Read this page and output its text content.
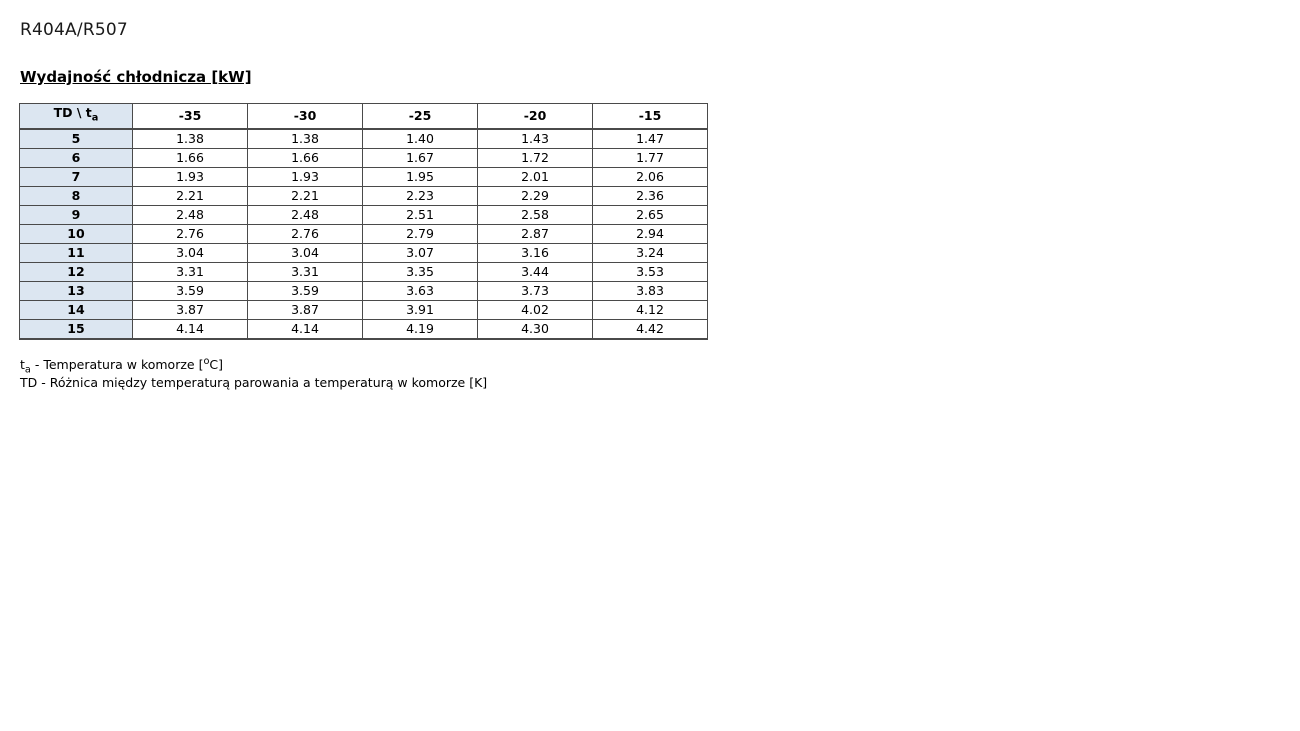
R404A/R507
Wydajność chłodnicza [kW]
TD \ $t_a$	-35	-30	-25	-20	-15
5	1.38	1.38	1.40	1.43	1.47
6	1.66	1.66	1.67	1.72	1.77
7	1.93	1.93	1.95	2.01	2.06
8	2.21	2.21	2.23	2.29	2.36
9	2.48	2.48	2.51	2.58	2.65
10	2.76	2.76	2.79	2.87	2.94
11	3.04	3.04	3.07	3.16	3.24
12	3.31	3.31	3.35	3.44	3.53
13	3.59	3.59	3.63	3.73	3.83
14	3.87	3.87	3.91	4.02	4.12
15	4.14	4.14	4.19	4.30	4.42
$t_a$ - Temperatura w komorze [$^o$C]
TD - Różnica między temperaturą parowania a temperaturą w komorze [K]
